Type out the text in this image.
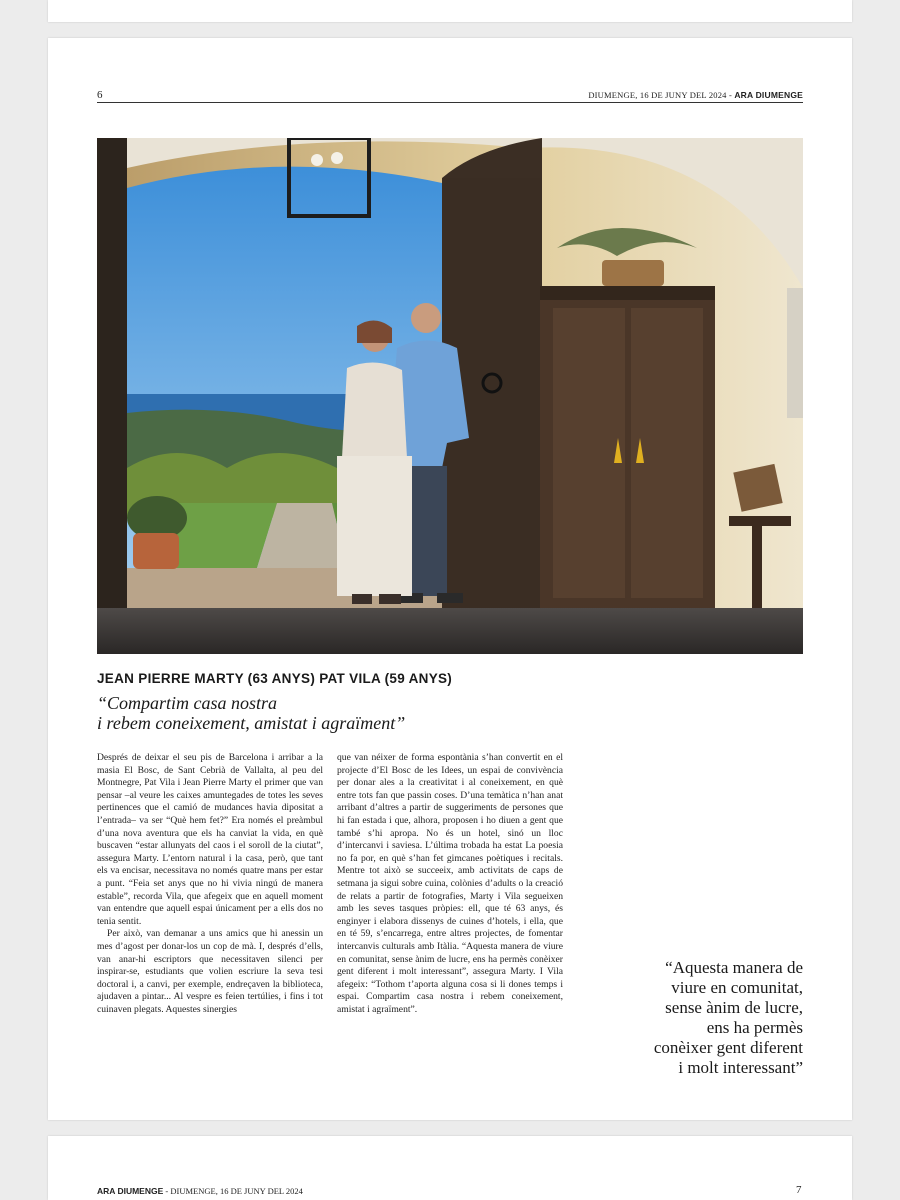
6	DIUMENGE, 16 DE JUNY DEL 2024 - ARA DIUMENGE
JEAN PIERRE MARTY (63 ANYS) PAT VILA (59 ANYS)
“Compartim casa nostra
i rebem coneixement, amistat i agraïment”

Després de deixar el seu pis de Barcelona i arribar a la masia El Bosc, de Sant Cebrià de Vallalta, al peu del Montnegre, Pat Vila i Jean Pierre Marty el primer que van pensar –al veure les caixes amuntegades de totes les seves pertinences que el camió de mudances havia dipositat a l’entrada– va ser “Què hem fet?” Era només el preàmbul d’una nova aventura que els ha canviat la vida, en què buscaven “estar allunyats del caos i el soroll de la ciutat”, assegura Marty. L’entorn natural i la casa, però, que tant els va encisar, necessitava no només quatre mans per estar a punt. “Feia set anys que no hi vivia ningú de manera estable”, recorda Vila, que afegeix que en aquell moment van entendre que aquell espai únicament per a ells dos no tenia sentit.

Per això, van demanar a uns amics que hi anessin un mes d’agost per donar-los un cop de mà. I, després d’ells, van anar-hi escriptors que necessitaven silenci per inspirar-se, estudiants que volien escriure la seva tesi doctoral i, a canvi, per exemple, endreçaven la biblioteca, ajudaven a pintar... Al vespre es feien tertúlies, i fins i tot cuinaven plegats. Aquestes sinergies

que van néixer de forma espontània s’han convertit en el projecte d’El Bosc de les Idees, un espai de convivència per donar ales a la creativitat i al coneixement, en què entre tots fan que passin coses. D’una temàtica n’han anat arribant d’altres a partir de suggeriments de persones que hi fan estada i que, alhora, proposen i ho diuen a gent que també s’hi apropa. No és un hotel, sinó un lloc d’intercanvi i saviesa. L’última trobada ha estat La poesia no fa por, en què s’han fet gimcanes poètiques i recitals. Mentre tot això se succeeix, amb activitats de caps de setmana ja sigui sobre cuina, colònies d’adults o la creació de relats a partir de fotografies, Marty i Vila segueixen amb les seves tasques pròpies: ell, que té 63 anys, és enginyer i elabora dissenys de cuines d’hotels, i ella, que en té 59, s’encarrega, entre altres projectes, de fomentar intercanvis culturals amb Itàlia. “Aquesta manera de viure en comunitat, sense ànim de lucre, ens ha permès conèixer gent diferent i molt interessant”, assegura Marty. I Vila afegeix: “Tothom t’aporta alguna cosa si li dones temps i espai. Compartim casa nostra i rebem coneixement, amistat i agraïment”.

“Aquesta manera de
viure en comunitat,
sense ànim de lucre,
ens ha permès
conèixer gent diferent
i molt interessant”
ARA DIUMENGE - DIUMENGE, 16 DE JUNY DEL 2024	7
